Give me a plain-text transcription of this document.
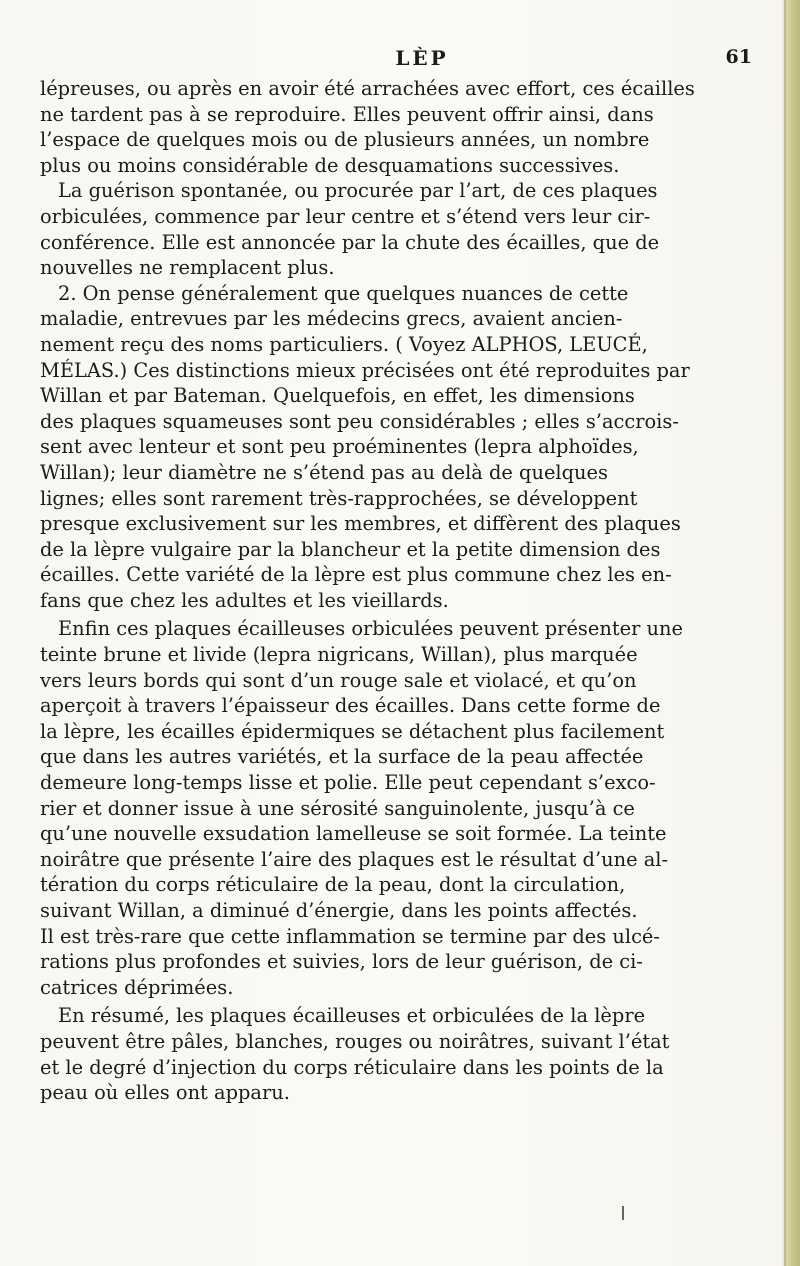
LÈP	61
lépreuses, ou après en avoir été arrachées avec effort, ces écailles
ne tardent pas à se reproduire. Elles peuvent offrir ainsi, dans
l’espace de quelques mois ou de plusieurs années, un nombre
plus ou moins considérable de desquamations successives.
La guérison spontanée, ou procurée par l’art, de ces plaques
orbiculées, commence par leur centre et s’étend vers leur cir-
conférence. Elle est annoncée par la chute des écailles, que de
nouvelles ne remplacent plus.
2. On pense généralement que quelques nuances de cette
maladie, entrevues par les médecins grecs, avaient ancien-
nement reçu des noms particuliers. ( Voyez ALPHOS, LEUCÉ,
MÉLAS.) Ces distinctions mieux précisées ont été reproduites par
Willan et par Bateman. Quelquefois, en effet, les dimensions
des plaques squameuses sont peu considérables ; elles s’accrois-
sent avec lenteur et sont peu proéminentes (lepra alphoïdes,
Willan); leur diamètre ne s’étend pas au delà de quelques
lignes; elles sont rarement très-rapprochées, se développent
presque exclusivement sur les membres, et diffèrent des plaques
de la lèpre vulgaire par la blancheur et la petite dimension des
écailles. Cette variété de la lèpre est plus commune chez les en-
fans que chez les adultes et les vieillards.
Enfin ces plaques écailleuses orbiculées peuvent présenter une
teinte brune et livide (lepra nigricans, Willan), plus marquée
vers leurs bords qui sont d’un rouge sale et violacé, et qu’on
aperçoit à travers l’épaisseur des écailles. Dans cette forme de
la lèpre, les écailles épidermiques se détachent plus facilement
que dans les autres variétés, et la surface de la peau affectée
demeure long-temps lisse et polie. Elle peut cependant s’exco-
rier et donner issue à une sérosité sanguinolente, jusqu’à ce
qu’une nouvelle exsudation lamelleuse se soit formée. La teinte
noirâtre que présente l’aire des plaques est le résultat d’une al-
tération du corps réticulaire de la peau, dont la circulation,
suivant Willan, a diminué d’énergie, dans les points affectés.
Il est très-rare que cette inflammation se termine par des ulcé-
rations plus profondes et suivies, lors de leur guérison, de ci-
catrices déprimées.
En résumé, les plaques écailleuses et orbiculées de la lèpre
peuvent être pâles, blanches, rouges ou noirâtres, suivant l’état
et le degré d’injection du corps réticulaire dans les points de la
peau où elles ont apparu.
